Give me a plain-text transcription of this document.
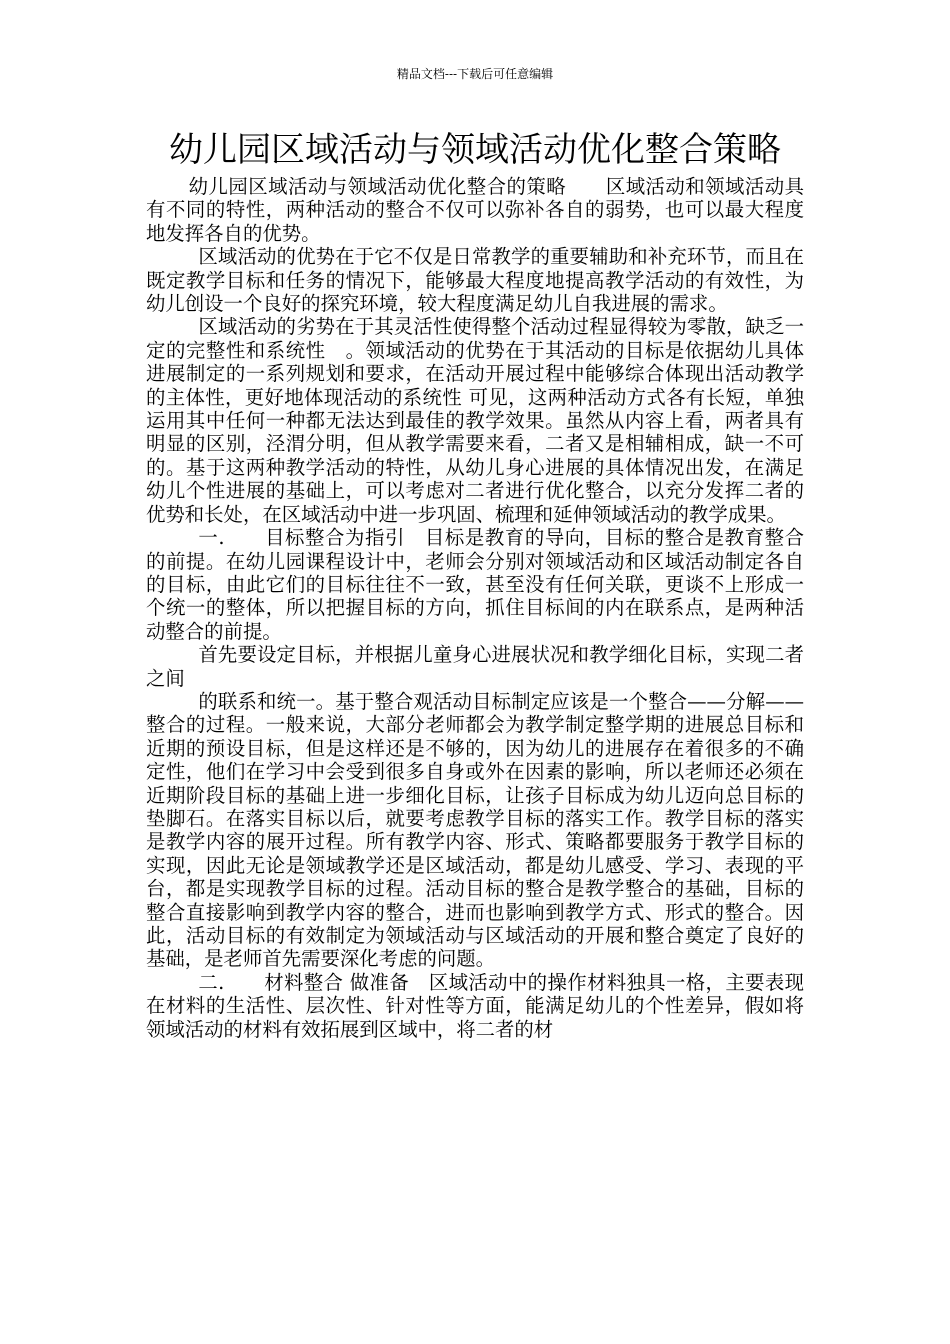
精品文档---下载后可任意编辑
幼儿园区域活动与领域活动优化整合策略

幼儿园区域活动与领域活动优化整合的策略　　区域活动和领域活动具有不同的特性，两种活动的整合不仅可以弥补各自的弱势，也可以最大程度地发挥各自的优势。

区域活动的优势在于它不仅是日常教学的重要辅助和补充环节，而且在既定教学目标和任务的情况下，能够最大程度地提高教学活动的有效性，为幼儿创设一个良好的探究环境，较大程度满足幼儿自我进展的需求。

区域活动的劣势在于其灵活性使得整个活动过程显得较为零散，缺乏一定的完整性和系统性　。领域活动的优势在于其活动的目标是依据幼儿具体进展制定的一系列规划和要求，在活动开展过程中能够综合体现出活动教学的主体性，更好地体现活动的系统性 可见，这两种活动方式各有长短，单独运用其中任何一种都无法达到最佳的教学效果。虽然从内容上看，两者具有明显的区别，泾渭分明，但从教学需要来看，二者又是相辅相成，缺一不可的。基于这两种教学活动的特性，从幼儿身心进展的具体情况出发，在满足幼儿个性进展的基础上，可以考虑对二者进行优化整合，以充分发挥二者的优势和长处，在区域活动中进一步巩固、梳理和延伸领域活动的教学成果。

一.　　目标整合为指引　目标是教育的导向，目标的整合是教育整合的前提。在幼儿园课程设计中，老师会分别对领域活动和区域活动制定各自的目标，由此它们的目标往往不一致，甚至没有任何关联，更谈不上形成一个统一的整体，所以把握目标的方向，抓住目标间的内在联系点，是两种活动整合的前提。

首先要设定目标，并根据儿童身心进展状况和教学细化目标，实现二者之间

的联系和统一。基于整合观活动目标制定应该是一个整合——分解——整合的过程。一般来说，大部分老师都会为教学制定整学期的进展总目标和近期的预设目标，但是这样还是不够的，因为幼儿的进展存在着很多的不确定性，他们在学习中会受到很多自身或外在因素的影响，所以老师还必须在近期阶段目标的基础上进一步细化目标，让孩子目标成为幼儿迈向总目标的垫脚石。在落实目标以后，就要考虑教学目标的落实工作。教学目标的落实是教学内容的展开过程。所有教学内容、形式、策略都要服务于教学目标的实现，因此无论是领域教学还是区域活动，都是幼儿感受、学习、表现的平台，都是实现教学目标的过程。活动目标的整合是教学整合的基础，目标的整合直接影响到教学内容的整合，进而也影响到教学方式、形式的整合。因此，活动目标的有效制定为领域活动与区域活动的开展和整合奠定了良好的基础，是老师首先需要深化考虑的问题。

二.　　材料整合 做准备　区域活动中的操作材料独具一格，主要表现在材料的生活性、层次性、针对性等方面，能满足幼儿的个性差异，假如将领域活动的材料有效拓展到区域中，将二者的材
